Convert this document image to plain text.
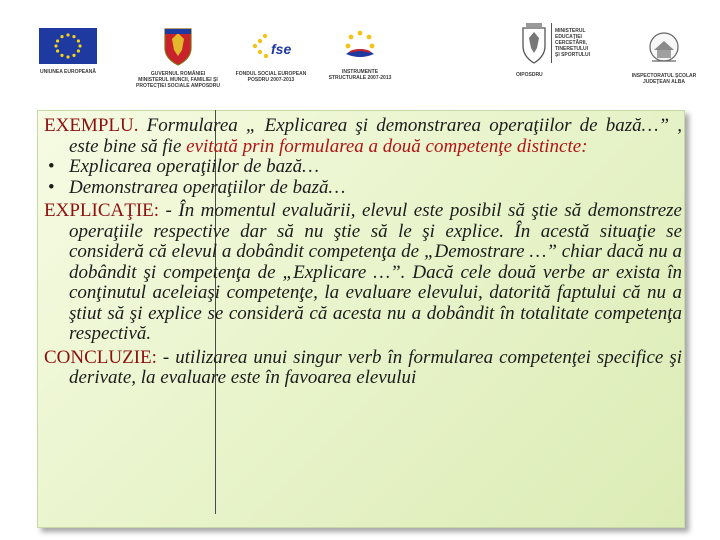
UNIUNEA EUROPEANĂ	GUVERNUL ROMÂNIEI MINISTERUL MUNCII, FAMILIEI ŞI PROTECŢIEI SOCIALE AMPOSDRU
fse
FONDUL SOCIAL EUROPEAN POSDRU 2007-2013
INSTRUMENTE STRUCTURALE 2007-2013
MINISTERUL
EDUCAŢIEI
CERCETĂRII,
TINERETULUI
ŞI SPORTULUI
OIPOSDRU	INSPECTORATUL ŞCOLAR JUDEŢEAN ALBA

EXEMPLU. Formularea „ Explicarea şi demonstrarea operaţiilor de bază…” , este bine să fie evitată prin formularea a două competenţe distincte:

• Explicarea operaţiilor de bază…
• Demonstrarea operaţiilor de bază…

EXPLICAŢIE: - În momentul evaluării, elevul este posibil să ştie să demonstreze operaţiile respective dar să nu ştie să le şi explice. În acestă situaţie se consideră că elevul a dobândit competenţa de „Demostrare …” chiar dacă nu a dobândit şi competenţa de „Explicare …”. Dacă cele două verbe ar exista în conţinutul aceleiaşi competenţe, la evaluare elevului, datorită faptului că nu a ştiut să şi explice se consideră că acesta nu a dobândit în totalitate competenţa respectivă.

CONCLUZIE: - utilizarea unui singur verb în formularea competenţei specifice şi derivate, la evaluare este în favoarea elevului
